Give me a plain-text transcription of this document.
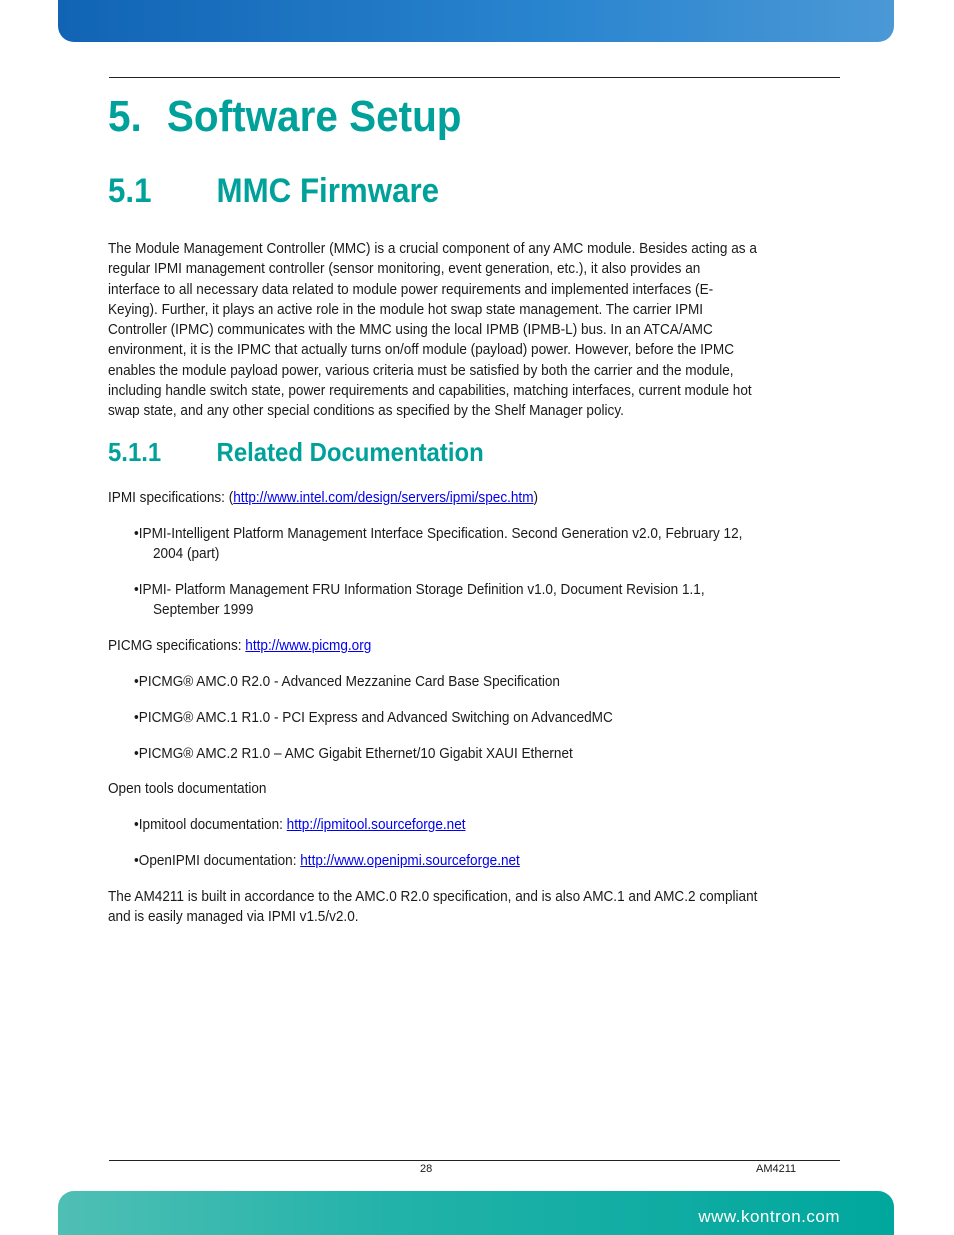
5. Software Setup
5.1 MMC Firmware
The Module Management Controller (MMC) is a crucial component of any AMC module. Besides acting as a
regular IPMI management controller (sensor monitoring, event generation, etc.), it also provides an
interface to all necessary data related to module power requirements and implemented interfaces (E-
Keying). Further, it plays an active role in the module hot swap state management. The carrier IPMI
Controller (IPMC) communicates with the MMC using the local IPMB (IPMB-L) bus. In an ATCA/AMC
environment, it is the IPMC that actually turns on/off module (payload) power. However, before the IPMC
enables the module payload power, various criteria must be satisfied by both the carrier and the module,
including handle switch state, power requirements and capabilities, matching interfaces, current module hot
swap state, and any other special conditions as specified by the Shelf Manager policy.
5.1.1 Related Documentation
IPMI specifications: (http://www.intel.com/design/servers/ipmi/spec.htm)
•IPMI-Intelligent Platform Management Interface Specification. Second Generation v2.0, February 12,
2004 (part)
•IPMI- Platform Management FRU Information Storage Definition v1.0, Document Revision 1.1,
September 1999
PICMG specifications: http://www.picmg.org
•PICMG® AMC.0 R2.0 - Advanced Mezzanine Card Base Specification
•PICMG® AMC.1 R1.0 - PCI Express and Advanced Switching on AdvancedMC
•PICMG® AMC.2 R1.0 – AMC Gigabit Ethernet/10 Gigabit XAUI Ethernet
Open tools documentation
•Ipmitool documentation: http://ipmitool.sourceforge.net
•OpenIPMI documentation: http://www.openipmi.sourceforge.net
The AM4211 is built in accordance to the AMC.0 R2.0 specification, and is also AMC.1 and AMC.2 compliant
and is easily managed via IPMI v1.5/v2.0.
28	AM4211
www.kontron.com
